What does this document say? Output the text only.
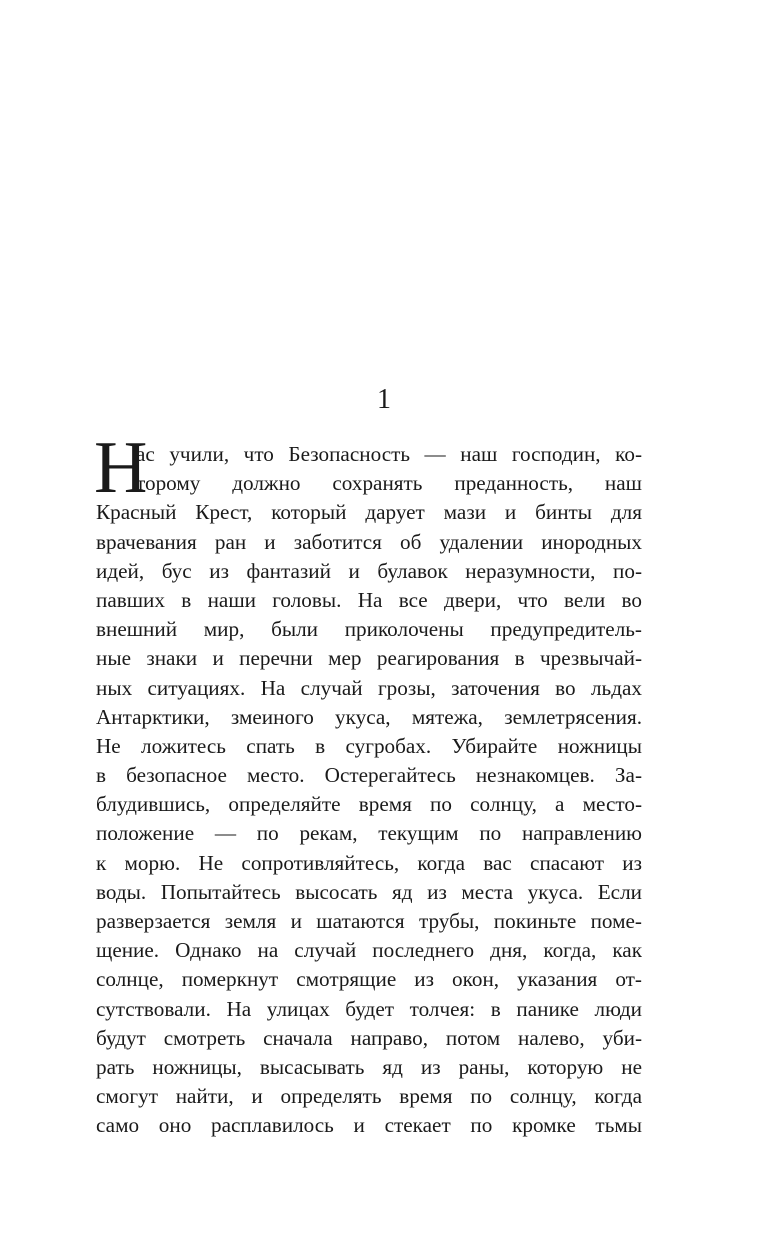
1
Н
ас учили, что Безопасность — наш господин, ко-
торому должно сохранять преданность, наш
Красный Крест, который дарует мази и бинты для
врачевания ран и заботится об удалении инородных
идей, бус из фантазий и булавок неразумности, по-
павших в наши головы. На все двери, что вели во
внешний мир, были приколочены предупредитель-
ные знаки и перечни мер реагирования в чрезвычай-
ных ситуациях. На случай грозы, заточения во льдах
Антарктики, змеиного укуса, мятежа, землетрясения.
Не ложитесь спать в сугробах. Убирайте ножницы
в безопасное место. Остерегайтесь незнакомцев. За-
блудившись, определяйте время по солнцу, а место-
положение — по рекам, текущим по направлению
к морю. Не сопротивляйтесь, когда вас спасают из
воды. Попытайтесь высосать яд из места укуса. Если
разверзается земля и шатаются трубы, покиньте поме-
щение. Однако на случай последнего дня, когда, как
солнце, померкнут смотрящие из окон, указания от-
сутствовали. На улицах будет толчея: в панике люди
будут смотреть сначала направо, потом налево, уби-
рать ножницы, высасывать яд из раны, которую не
смогут найти, и определять время по солнцу, когда
само оно расплавилось и стекает по кромке тьмы
